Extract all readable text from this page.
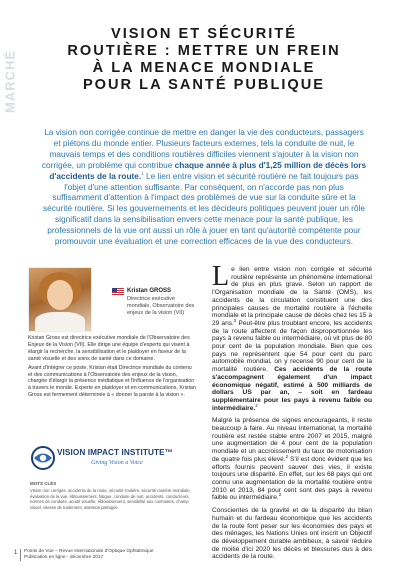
MARCHÉ
VISION ET SÉCURITÉ
ROUTIÈRE : METTRE UN FREIN
À LA MENACE MONDIALE
POUR LA SANTÉ PUBLIQUE
La vision non corrigée continue de mettre en danger la vie des conducteurs, passagers et piétons du monde entier. Plusieurs facteurs externes, tels la conduite de nuit, le mauvais temps et des conditions routières difficiles viennent s'ajouter à la vision non corrigée, un problème qui contribue chaque année à plus d'1,25 million de décès lors d'accidents de la route.$^1$ Le lien entre vision et sécurité routière ne fait toujours pas l'objet d'une attention suffisante. Par conséquent, on n'accorde pas non plus suffisamment d'attention à l'impact des problèmes de vue sur la conduite sûre et la sécurité routière. Si les gouvernements et les décideurs politiques peuvent jouer un rôle significatif dans la sensibilisation envers cette menace pour la santé publique, les professionnels de la vue ont aussi un rôle à jouer en tant qu'autorité compétente pour promouvoir une évaluation et une correction efficaces de la vue des conducteurs.
Kristan GROSS
Directrice exécutive mondiale, Observatoire des enjeux de la vision (VII)

Kristan Gross est directrice exécutive mondiale de l'Observatoire des Enjeux de la Vision (VII). Elle dirige une équipe d'experts qui visent à élargir la recherche, la sensibilisation et le plaidoyer en faveur de la santé visuelle et des soins de santé dans ce domaine.

Avant d'intégrer ce poste, Kristan était Directrice mondiale du contenu et des communications à l'Observatoire des enjeux de la vision, chargée d'élargir la présence médiatique et l'influence de l'organisation à travers le monde. Experte en plaidoyer et en communications, Kristan Gross est fermement déterminée à « donner la parole à la vision ».

VISION IMPACT INSTITUTE™
Giving Vision a Voice
MOTS CLÉS
Vision non corrigée, accidents de la route, sécurité routière, sécurité routière mondiale, évaluation de la vue, éblouissement, fatigue, conduite de nuit, accidents, conducteurs, normes de conduite, acuité visuelle, éblouissement, sensibilité aux contrastes, champ visuel, vitesse de traitement, attention partagée.

Le lien entre vision non corrigée et sécurité routière représente un phénomène international de plus en plus grave. Selon un rapport de l'Organisation mondiale de la Santé (OMS), les accidents de la circulation constituent une des principales causes de mortalité routière à l'échelle mondiale et la principale cause de décès chez les 15 à 29 ans.$^2$ Peut-être plus troublant encore, les accidents de la route affectent de façon disproportionnée les pays à revenu faible ou intermédiaire, où vit plus de 80 pour cent de la population mondiale. Bien que ces pays ne représentent que 54 pour cent du parc automobile mondial, on y recense 90 pour cent de la mortalité routière. Ces accidents de la route s'accompagnent également d'un impact économique négatif, estimé à 500 milliards de dollars US par an, – soit en fardeau supplémentaire pour les pays à revenu faible ou intermédiaire.$^2$

Malgré la présence de signes encourageants, il reste beaucoup à faire. Au niveau international, la mortalité routière est restée stable entre 2007 et 2015, malgré une augmentation de 4 pour cent de la population mondiale et un accroissement du taux de motorisation de quatre fois plus élevé.$^2$ S'il est donc évident que les efforts fournis peuvent sauver des vies, il existe toujours une disparité. En effet, sur les 68 pays qui ont connu une augmentation de la mortalité routière entre 2010 et 2013, 84 pour cent sont des pays à revenu faible ou intermédiaire.$^2$

Conscientes de la gravité et de la disparité du bilan humain et du fardeau économique que les accidents de la route font peser sur les économies des pays et des ménages, les Nations Unies ont inscrit un Objectif de développement durable ambitieux, à savoir réduire de moitié d'ici 2020 les décès et blessures dus à des accidents de la route.

1 Points de Vue – Revue Internationale d'Optique Ophtalmique
Publication en ligne - décembre 2017
